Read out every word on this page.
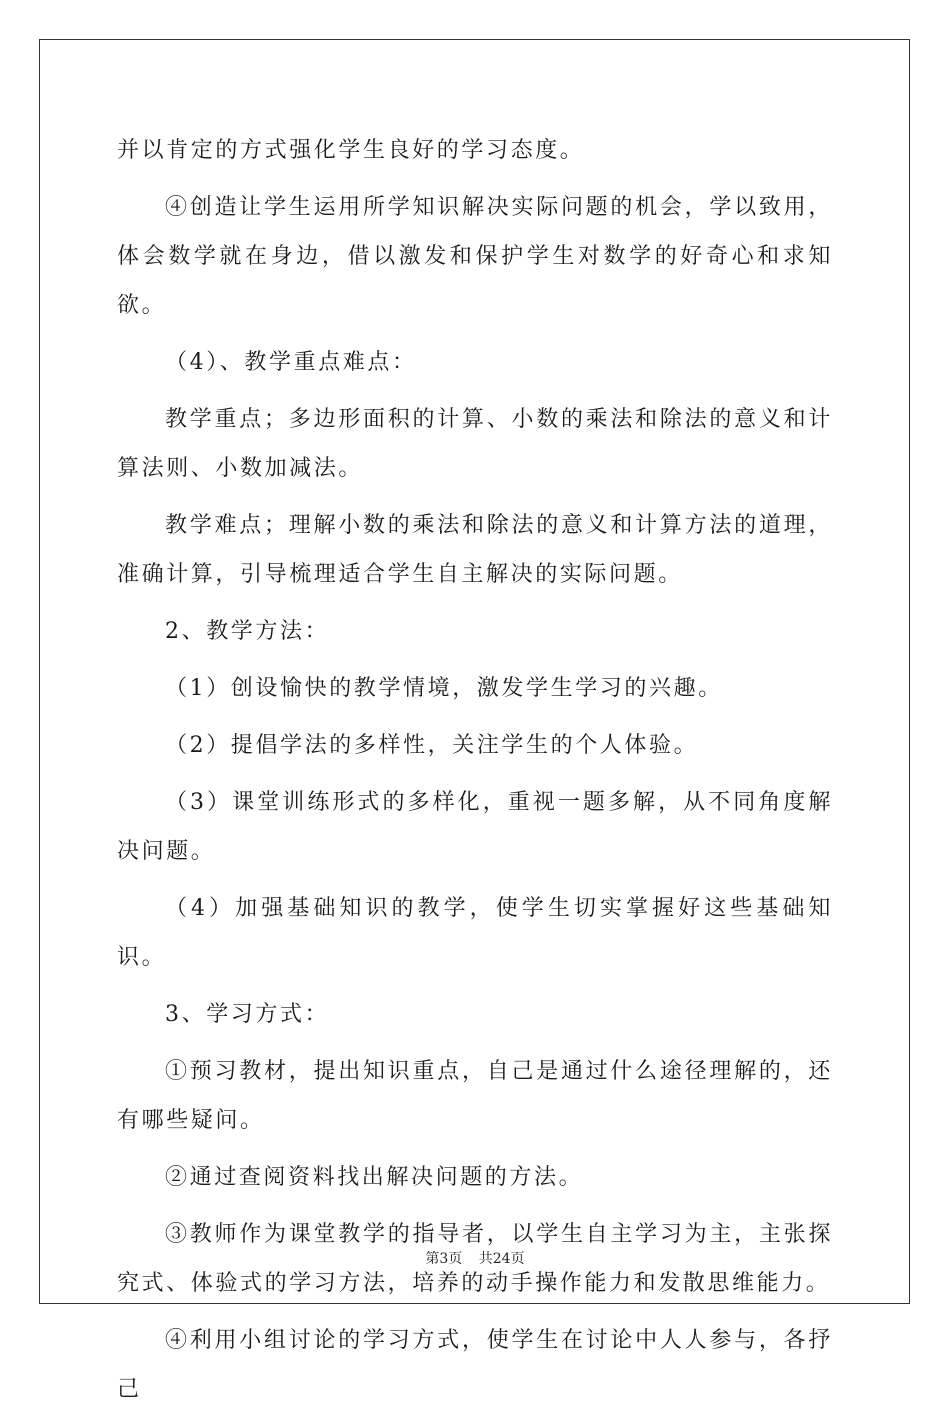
并以肯定的方式强化学生良好的学习态度。

④创造让学生运用所学知识解决实际问题的机会，学以致用，体会数学就在身边，借以激发和保护学生对数学的好奇心和求知欲。

（4）、教学重点难点：

教学重点；多边形面积的计算、小数的乘法和除法的意义和计算法则、小数加减法。

教学难点；理解小数的乘法和除法的意义和计算方法的道理，准确计算，引导梳理适合学生自主解决的实际问题。

2、教学方法：

（1）创设愉快的教学情境，激发学生学习的兴趣。

（2）提倡学法的多样性，关注学生的个人体验。

（3）课堂训练形式的多样化，重视一题多解，从不同角度解决问题。

（4）加强基础知识的教学，使学生切实掌握好这些基础知识。

3、学习方式：

①预习教材，提出知识重点，自己是通过什么途径理解的，还有哪些疑问。

②通过查阅资料找出解决问题的方法。

③教师作为课堂教学的指导者，以学生自主学习为主，主张探究式、体验式的学习方法，培养的动手操作能力和发散思维能力。

④利用小组讨论的学习方式，使学生在讨论中人人参与，各抒己

第3页 共24页
